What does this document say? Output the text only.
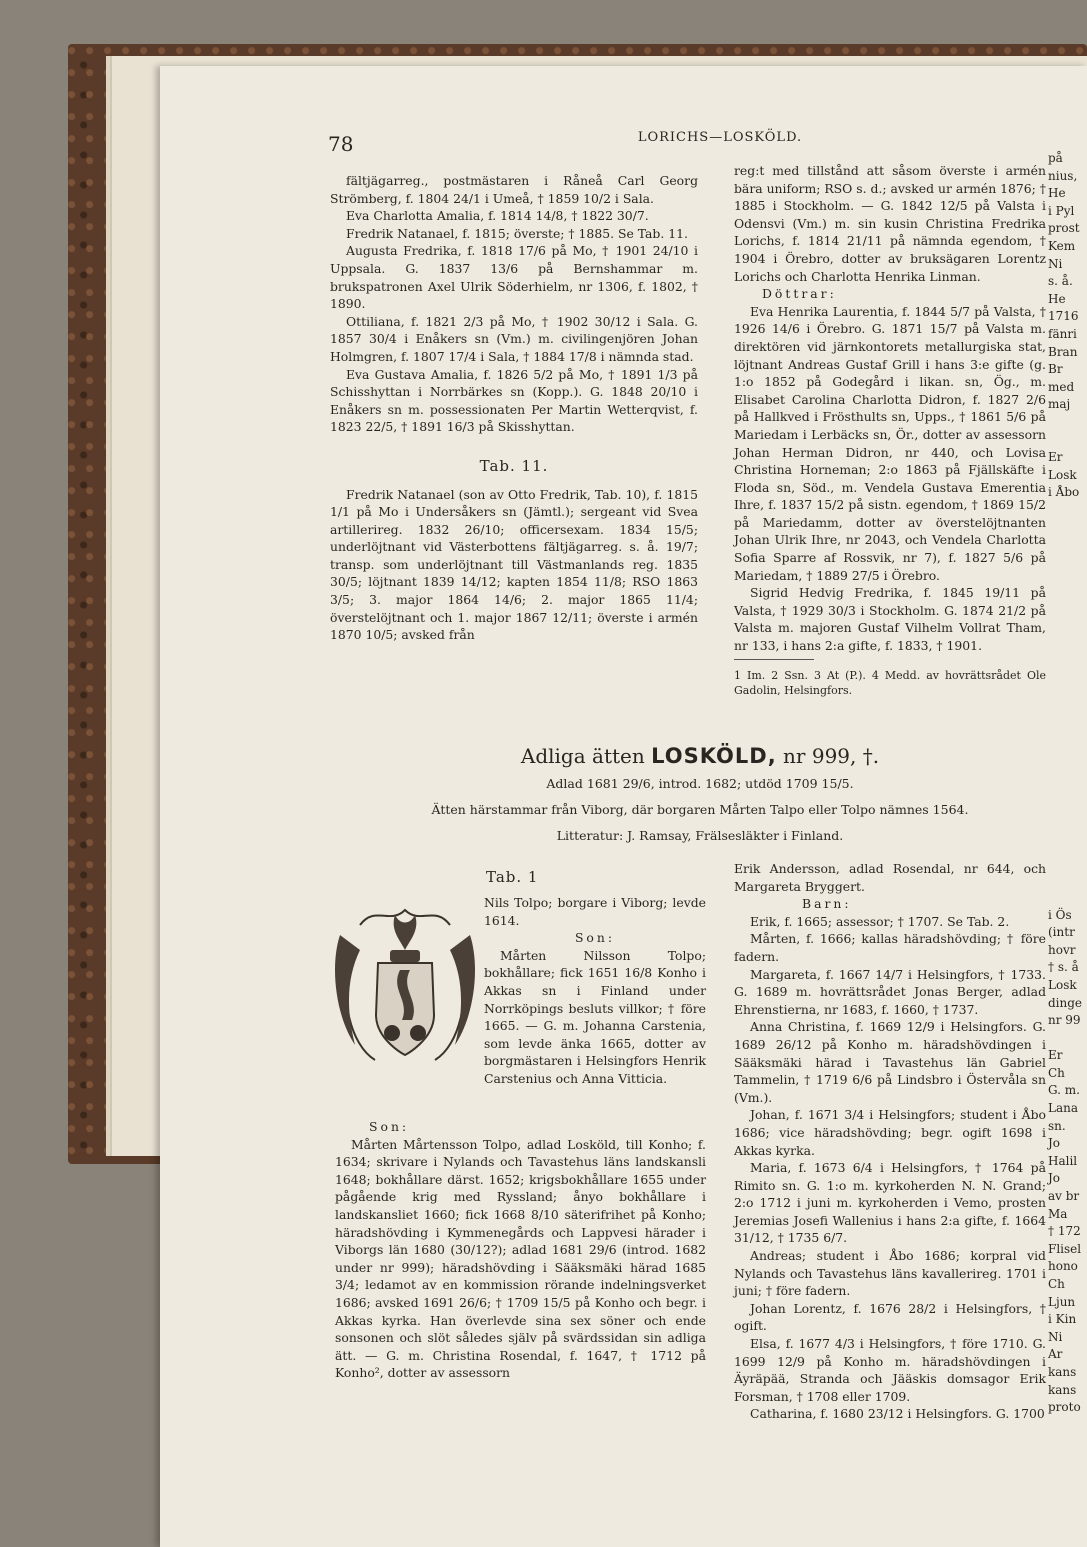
78	LORICHS—LOSKÖLD.

fältjägarreg., postmästaren i Råneå Carl Georg Strömberg, f. 1804 24/1 i Umeå, † 1859 10/2 i Sala.

Eva Charlotta Amalia, f. 1814 14/8, † 1822 30/7.

Fredrik Natanael, f. 1815; överste; † 1885. Se Tab. 11.

Augusta Fredrika, f. 1818 17/6 på Mo, † 1901 24/10 i Uppsala. G. 1837 13/6 på Bernshammar m. brukspatronen Axel Ulrik Söderhielm, nr 1306, f. 1802, † 1890.

Ottiliana, f. 1821 2/3 på Mo, † 1902 30/12 i Sala. G. 1857 30/4 i Enåkers sn (Vm.) m. civilingenjören Johan Holmgren, f. 1807 17/4 i Sala, † 1884 17/8 i nämnda stad.

Eva Gustava Amalia, f. 1826 5/2 på Mo, † 1891 1/3 på Schisshyttan i Norrbärkes sn (Kopp.). G. 1848 20/10 i Enåkers sn m. possessionaten Per Martin Wetterqvist, f. 1823 22/5, † 1891 16/3 på Skisshyttan.

Tab. 11.

Fredrik Natanael (son av Otto Fredrik, Tab. 10), f. 1815 1/1 på Mo i Undersåkers sn (Jämtl.); sergeant vid Svea artillerireg. 1832 26/10; officersexam. 1834 15/5; underlöjtnant vid Västerbottens fältjägarreg. s. å. 19/7; transp. som underlöjtnant till Västmanlands reg. 1835 30/5; löjtnant 1839 14/12; kapten 1854 11/8; RSO 1863 3/5; 3. major 1864 14/6; 2. major 1865 11/4; överstelöjtnant och 1. major 1867 12/11; överste i armén 1870 10/5; avsked från

reg:t med tillstånd att såsom överste i armén bära uniform; RSO s. d.; avsked ur armén 1876; † 1885 i Stockholm. — G. 1842 12/5 på Valsta i Odensvi (Vm.) m. sin kusin Christina Fredrika Lorichs, f. 1814 21/11 på nämnda egendom, † 1904 i Örebro, dotter av bruksägaren Lorentz Lorichs och Charlotta Henrika Linman.

Döttrar:

Eva Henrika Laurentia, f. 1844 5/7 på Valsta, † 1926 14/6 i Örebro. G. 1871 15/7 på Valsta m. direktören vid järnkontorets metallurgiska stat, löjtnant Andreas Gustaf Grill i hans 3:e gifte (g. 1:o 1852 på Godegård i likan. sn, Ög., m. Elisabet Carolina Charlotta Didron, f. 1827 2/6 på Hallkved i Frösthults sn, Upps., † 1861 5/6 på Mariedam i Lerbäcks sn, Ör., dotter av assessorn Johan Herman Didron, nr 440, och Lovisa Christina Horneman; 2:o 1863 på Fjällskäfte i Floda sn, Söd., m. Vendela Gustava Emerentia Ihre, f. 1837 15/2 på sistn. egendom, † 1869 15/2 på Mariedamm, dotter av överstelöjtnanten Johan Ulrik Ihre, nr 2043, och Vendela Charlotta Sofia Sparre af Rossvik, nr 7), f. 1827 5/6 på Mariedam, † 1889 27/5 i Örebro.

Sigrid Hedvig Fredrika, f. 1845 19/11 på Valsta, † 1929 30/3 i Stockholm. G. 1874 21/2 på Valsta m. majoren Gustaf Vilhelm Vollrat Tham, nr 133, i hans 2:a gifte, f. 1833, † 1901.

1 Im. 2 Ssn. 3 At (P.). 4 Medd. av hovrättsrådet Ole Gadolin, Helsingfors.

Adliga ätten LOSKÖLD, nr 999, †.
Adlad 1681 29/6, introd. 1682; utdöd 1709 15/5.
Ätten härstammar från Viborg, där borgaren Mårten Talpo eller Tolpo nämnes 1564.
Litteratur: J. Ramsay, Frälsesläkter i Finland.
Tab. 1

Nils Tolpo; borgare i Viborg; levde 1614.

Son:

Mårten Nilsson Tolpo; bokhållare; fick 1651 16/8 Konho i Akkas sn i Finland under Norrköpings besluts villkor; † före 1665. — G. m. Johanna Carstenia, som levde änka 1665, dotter av borgmästaren i Helsingfors Henrik Carstenius och Anna Vitticia.

Son:

Mårten Mårtensson Tolpo, adlad Losköld, till Konho; f. 1634; skrivare i Nylands och Tavastehus läns landskansli 1648; bokhållare därst. 1652; krigsbokhållare 1655 under pågående krig med Ryssland; ånyo bokhållare i landskansliet 1660; fick 1668 8/10 säterifrihet på Konho; häradshövding i Kymmenegårds och Lappvesi härader i Viborgs län 1680 (30/12?); adlad 1681 29/6 (introd. 1682 under nr 999); häradshövding i Sääksmäki härad 1685 3/4; ledamot av en kommission rörande indelningsverket 1686; avsked 1691 26/6; † 1709 15/5 på Konho och begr. i Akkas kyrka. Han överlevde sina sex söner och ende sonsonen och slöt således själv på svärdssidan sin adliga ätt. — G. m. Christina Rosendal, f. 1647, † 1712 på Konho², dotter av assessorn

Erik Andersson, adlad Rosendal, nr 644, och Margareta Bryggert.

Barn:

Erik, f. 1665; assessor; † 1707. Se Tab. 2.

Mårten, f. 1666; kallas häradshövding; † före fadern.

Margareta, f. 1667 14/7 i Helsingfors, † 1733. G. 1689 m. hovrättsrådet Jonas Berger, adlad Ehrenstierna, nr 1683, f. 1660, † 1737.

Anna Christina, f. 1669 12/9 i Helsingfors. G. 1689 26/12 på Konho m. häradshövdingen i Sääksmäki härad i Tavastehus län Gabriel Tammelin, † 1719 6/6 på Lindsbro i Östervåla sn (Vm.).

Johan, f. 1671 3/4 i Helsingfors; student i Åbo 1686; vice häradshövding; begr. ogift 1698 i Akkas kyrka.

Maria, f. 1673 6/4 i Helsingfors, † 1764 på Rimito sn. G. 1:o m. kyrkoherden N. N. Grand; 2:o 1712 i juni m. kyrkoherden i Vemo, prosten Jeremias Josefi Wallenius i hans 2:a gifte, f. 1664 31/12, † 1735 6/7.

Andreas; student i Åbo 1686; korpral vid Nylands och Tavastehus läns kavallerireg. 1701 i juni; † före fadern.

Johan Lorentz, f. 1676 28/2 i Helsingfors, † ogift.

Elsa, f. 1677 4/3 i Helsingfors, † före 1710. G. 1699 12/9 på Konho m. häradshövdingen i Äyräpää, Stranda och Jääskis domsagor Erik Forsman, † 1708 eller 1709.

Catharina, f. 1680 23/12 i Helsingfors. G. 1700

på
nius,
He
i Pyl
prost
Kem
Ni
s. å.
He
1716
fänri
Bran
Br
med
maj

Er
Losk
i Åbo

i Ös
(intr
hovr
† s. å
Losk
dinge
nr 99

Er
Ch
G. m.
Lana
sn.
Jo
Halil
Jo
av br
Ma
† 172
Flisel
hono
Ch
Ljun
i Kin
Ni
Ar
kans
kans
proto
